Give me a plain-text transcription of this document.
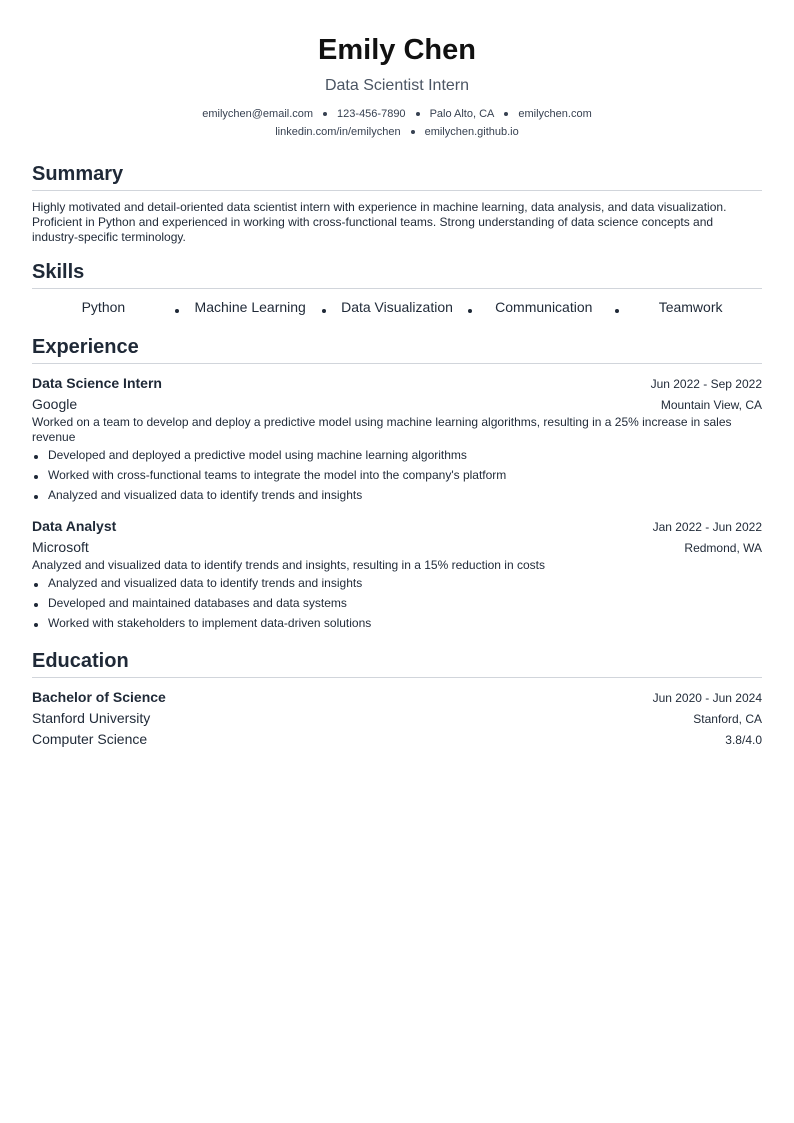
Emily Chen
Data Scientist Intern
emilychen@email.com 123-456-7890 Palo Alto, CA emilychen.com
linkedin.com/in/emilychen emilychen.github.io
Summary
Highly motivated and detail-oriented data scientist intern with experience in machine learning, data analysis, and data visualization. Proficient in Python and experienced in working with cross-functional teams. Strong understanding of data science concepts and industry-specific terminology.
Skills
Python	Machine Learning	Data Visualization	Communication	Teamwork
Experience
Data Science Intern	Jun 2022 - Sep 2022
Google	Mountain View, CA
Worked on a team to develop and deploy a predictive model using machine learning algorithms, resulting in a 25% increase in sales revenue
Developed and deployed a predictive model using machine learning algorithms
Worked with cross-functional teams to integrate the model into the company's platform
Analyzed and visualized data to identify trends and insights
Data Analyst	Jan 2022 - Jun 2022
Microsoft	Redmond, WA
Analyzed and visualized data to identify trends and insights, resulting in a 15% reduction in costs
Analyzed and visualized data to identify trends and insights
Developed and maintained databases and data systems
Worked with stakeholders to implement data-driven solutions
Education
Bachelor of Science	Jun 2020 - Jun 2024
Stanford University	Stanford, CA
Computer Science	3.8/4.0
